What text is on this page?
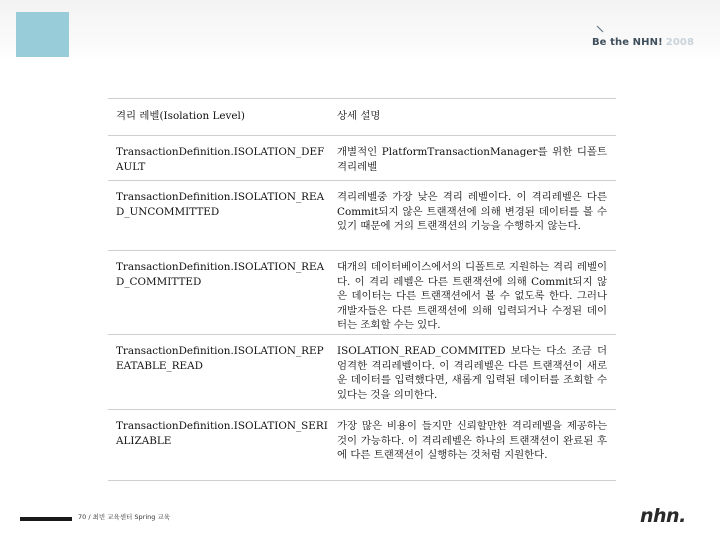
Be the NHN! 2008
격리 레벨(Isolation Level)	상세 설명
TransactionDefinition.ISOLATION_DEFAULT
개별적인 PlatformTransactionManager를 위한 디폴트 격리레벨
TransactionDefinition.ISOLATION_READ_UNCOMMITTED
격리레벨중 가장 낮은 격리 레벨이다. 이 격리레벨은 다른 Commit되지 않은 트랜잭션에 의해 변경된 데이터를 볼 수 있기 때문에 거의 트랜잭션의 기능을 수행하지 않는다.
TransactionDefinition.ISOLATION_READ_COMMITTED
대개의 데이터베이스에서의 디폴트로 지원하는 격리 레벨이다. 이 격리 레벨은 다른 트랜잭션에 의해 Commit되지 않은 데이터는 다른 트랜잭션에서 볼 수 없도록 한다. 그러나 개발자들은 다른 트랜잭션에 의해 입력되거나 수정된 데이터는 조회할 수는 있다.
TransactionDefinition.ISOLATION_REPEATABLE_READ
ISOLATION_READ_COMMITED 보다는 다소 조금 더 엄격한 격리레벨이다. 이 격리레벨은 다른 트랜잭션이 새로운 데이터를 입력했다면, 새롭게 입력된 데이터를 조회할 수 있다는 것을 의미한다.
TransactionDefinition.ISOLATION_SERIALIZABLE
가장 많은 비용이 들지만 신뢰할만한 격리레벨을 제공하는 것이 가능하다. 이 격리레벨은 하나의 트랜잭션이 완료된 후에 다른 트랜잭션이 실행하는 것처럼 지원한다.
70 / 최빈 교육센터 Spring 교육	nhn.
